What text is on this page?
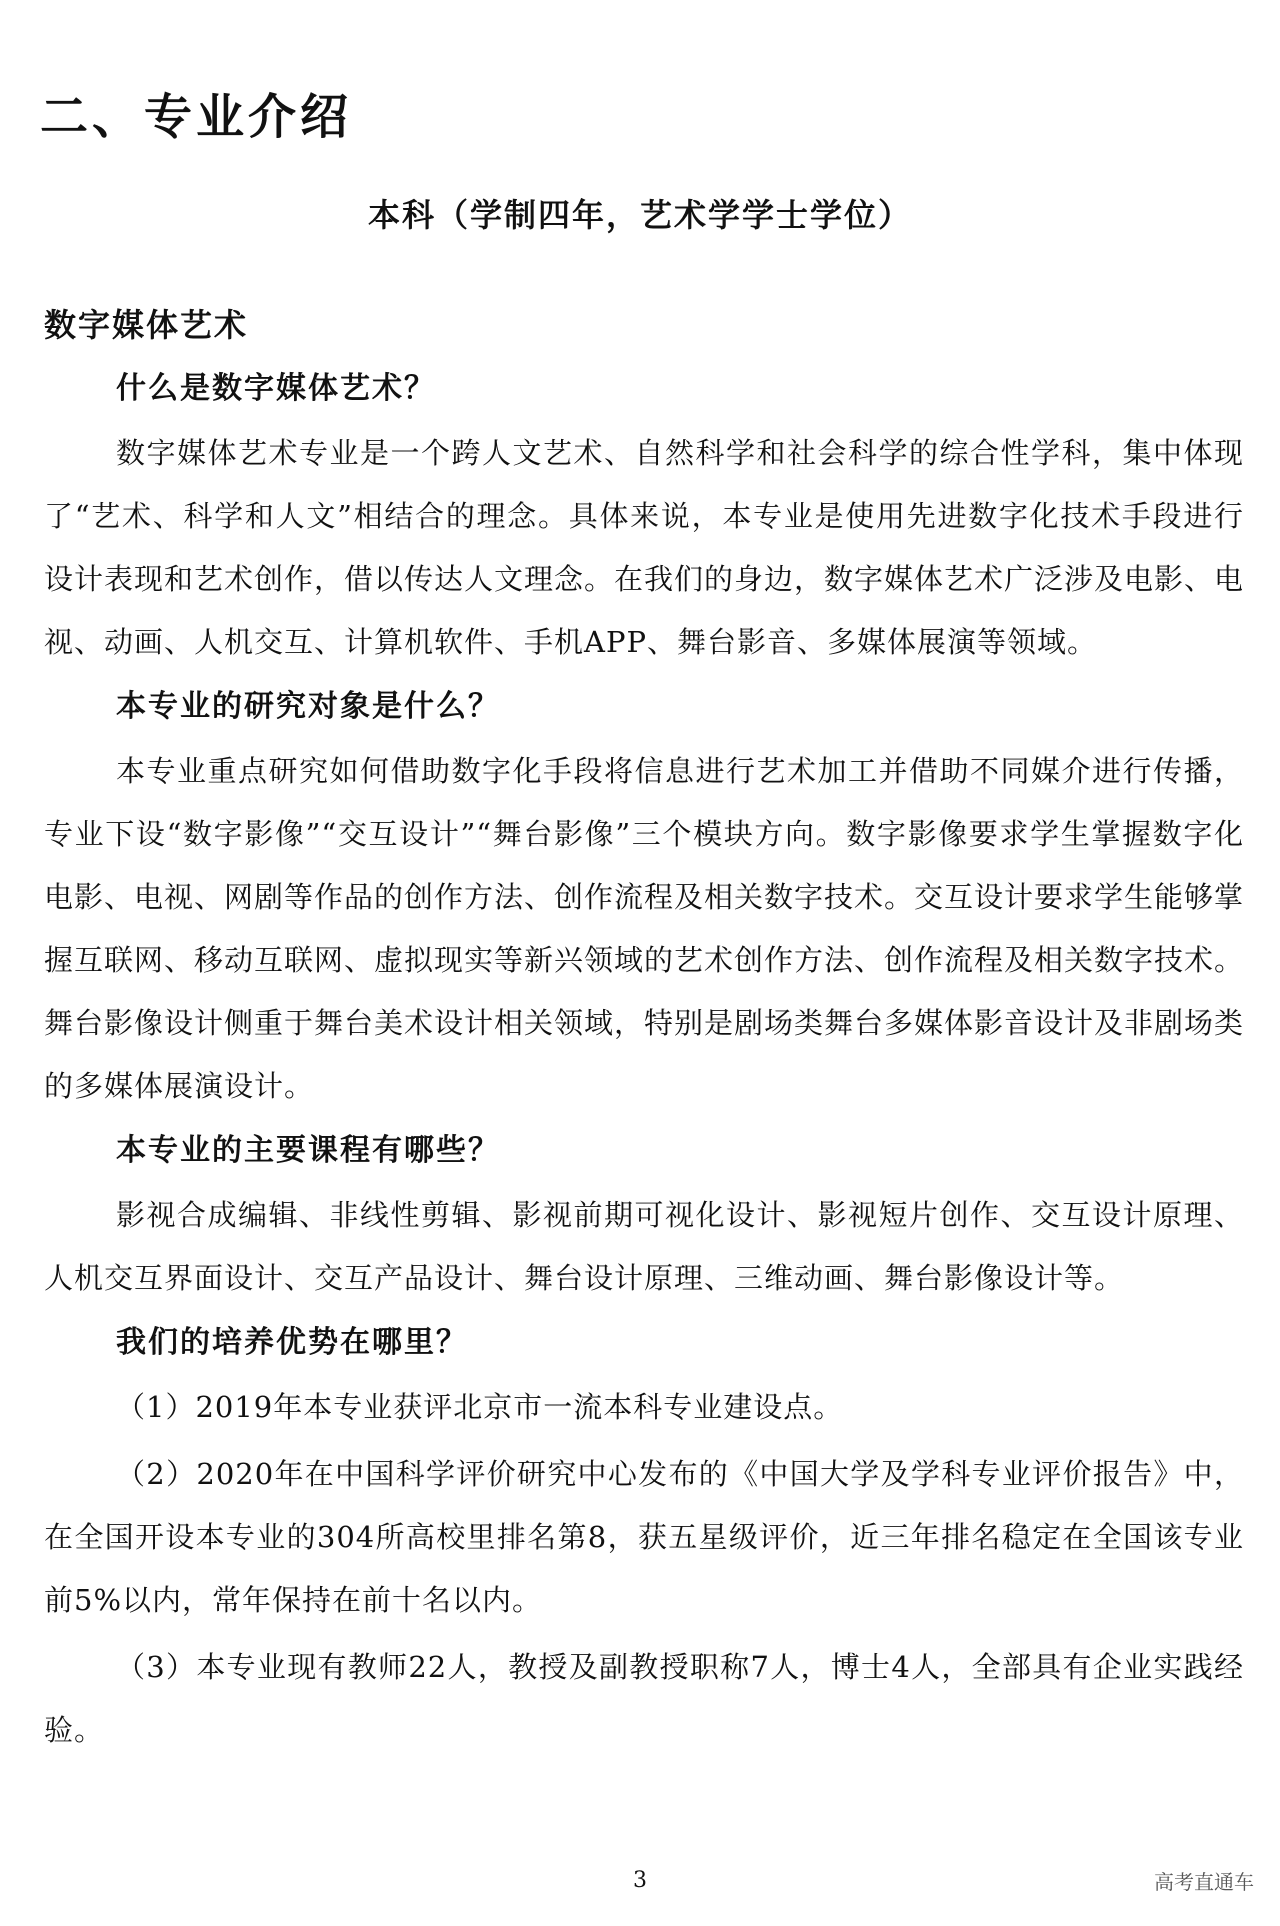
二、专业介绍
本科（学制四年，艺术学学士学位）
数字媒体艺术
什么是数字媒体艺术？

数字媒体艺术专业是一个跨人文艺术、自然科学和社会科学的综合性学科，集中体现了“艺术、科学和人文”相结合的理念。具体来说，本专业是使用先进数字化技术手段进行设计表现和艺术创作，借以传达人文理念。在我们的身边，数字媒体艺术广泛涉及电影、电视、动画、人机交互、计算机软件、手机APP、舞台影音、多媒体展演等领域。

本专业的研究对象是什么？

本专业重点研究如何借助数字化手段将信息进行艺术加工并借助不同媒介进行传播，专业下设“数字影像”“交互设计”“舞台影像”三个模块方向。数字影像要求学生掌握数字化电影、电视、网剧等作品的创作方法、创作流程及相关数字技术。交互设计要求学生能够掌握互联网、移动互联网、虚拟现实等新兴领域的艺术创作方法、创作流程及相关数字技术。舞台影像设计侧重于舞台美术设计相关领域，特别是剧场类舞台多媒体影音设计及非剧场类的多媒体展演设计。

本专业的主要课程有哪些？

影视合成编辑、非线性剪辑、影视前期可视化设计、影视短片创作、交互设计原理、人机交互界面设计、交互产品设计、舞台设计原理、三维动画、舞台影像设计等。

我们的培养优势在哪里？

（1）2019年本专业获评北京市一流本科专业建设点。

（2）2020年在中国科学评价研究中心发布的《中国大学及学科专业评价报告》中，在全国开设本专业的304所高校里排名第8，获五星级评价，近三年排名稳定在全国该专业前5%以内，常年保持在前十名以内。

（3）本专业现有教师22人，教授及副教授职称7人，博士4人，全部具有企业实践经验。

3	高考直通车
